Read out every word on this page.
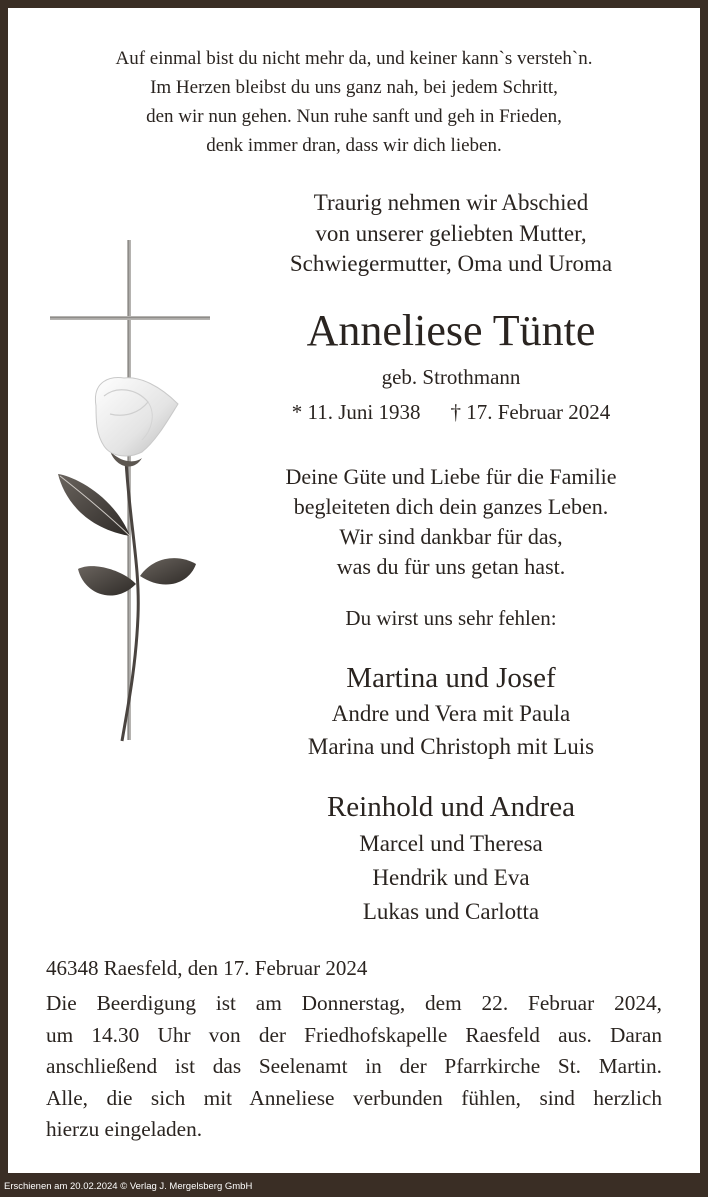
Auf einmal bist du nicht mehr da, und keiner kann`s versteh`n.
Im Herzen bleibst du uns ganz nah, bei jedem Schritt,
den wir nun gehen. Nun ruhe sanft und geh in Frieden,
denk immer dran, dass wir dich lieben.
Traurig nehmen wir Abschied
von unserer geliebten Mutter,
Schwiegermutter, Oma und Uroma
Anneliese Tünte
geb. Strothmann
* 11. Juni 1938 † 17. Februar 2024
Deine Güte und Liebe für die Familie
begleiteten dich dein ganzes Leben.
Wir sind dankbar für das,
was du für uns getan hast.
Du wirst uns sehr fehlen:
Martina und Josef
Andre und Vera mit Paula
Marina und Christoph mit Luis
Reinhold und Andrea
Marcel und Theresa
Hendrik und Eva
Lukas und Carlotta
46348 Raesfeld, den 17. Februar 2024
Die Beerdigung ist am Donnerstag, dem 22. Februar 2024,
um 14.30 Uhr von der Friedhofskapelle Raesfeld aus. Daran
anschließend ist das Seelenamt in der Pfarrkirche St. Martin.
Alle, die sich mit Anneliese verbunden fühlen, sind herzlich
hierzu eingeladen.
Erschienen am 20.02.2024 © Verlag J. Mergelsberg GmbH
